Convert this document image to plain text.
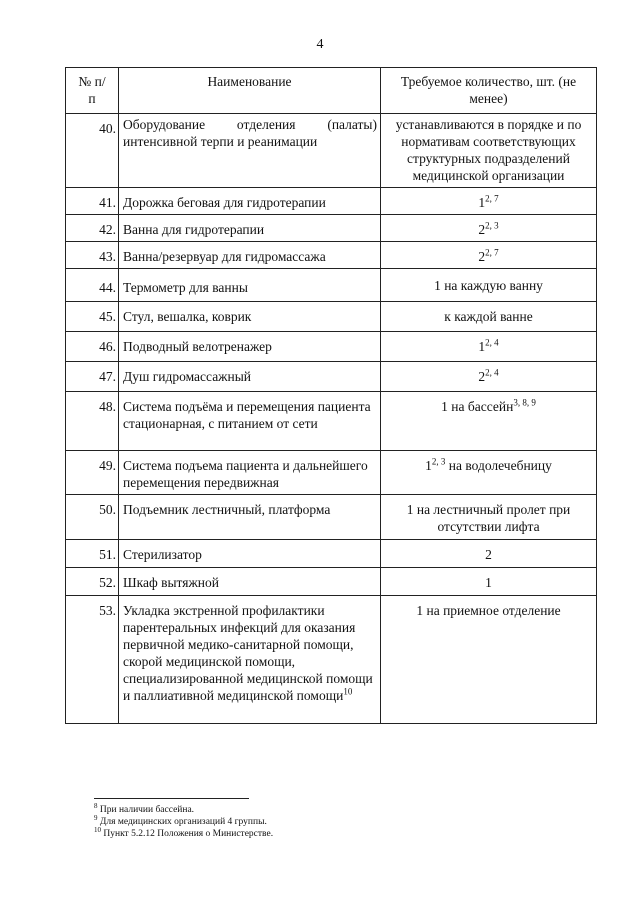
4
№ п/п	Наименование	Требуемое количество, шт. (не менее)
40.	Оборудование отделения (палаты) интенсивной терпи и реанимации	устанавливаются в порядке и по нормативам соответствующих структурных подразделений медицинской организации
41.	Дорожка беговая для гидротерапии	1$^{2, 7}$
42.	Ванна для гидротерапии	2$^{2, 3}$
43.	Ванна/резервуар для гидромассажа	2$^{2, 7}$
44.	Термометр для ванны	1 на каждую ванну
45.	Стул, вешалка, коврик	к каждой ванне
46.	Подводный велотренажер	1$^{2, 4}$
47.	Душ гидромассажный	2$^{2, 4}$
48.	Система подъёма и перемещения пациента стационарная, с питанием от сети	1 на бассейн$^{3, 8, 9}$
49.	Система подъема пациента и дальнейшего перемещения передвижная	1$^{2, 3}$ на водолечебницу
50.	Подъемник лестничный, платформа	1 на лестничный пролет при отсутствии лифта
51.	Стерилизатор	2
52.	Шкаф вытяжной	1
53.	Укладка экстренной профилактики парентеральных инфекций для оказания первичной медико-санитарной помощи, скорой медицинской помощи, специализированной медицинской помощи и паллиативной медицинской помощи$^{10}$	1 на приемное отделение
$^8$ При наличии бассейна.
$^9$ Для медицинских организаций 4 группы.
$^{10}$ Пункт 5.2.12 Положения о Министерстве.
